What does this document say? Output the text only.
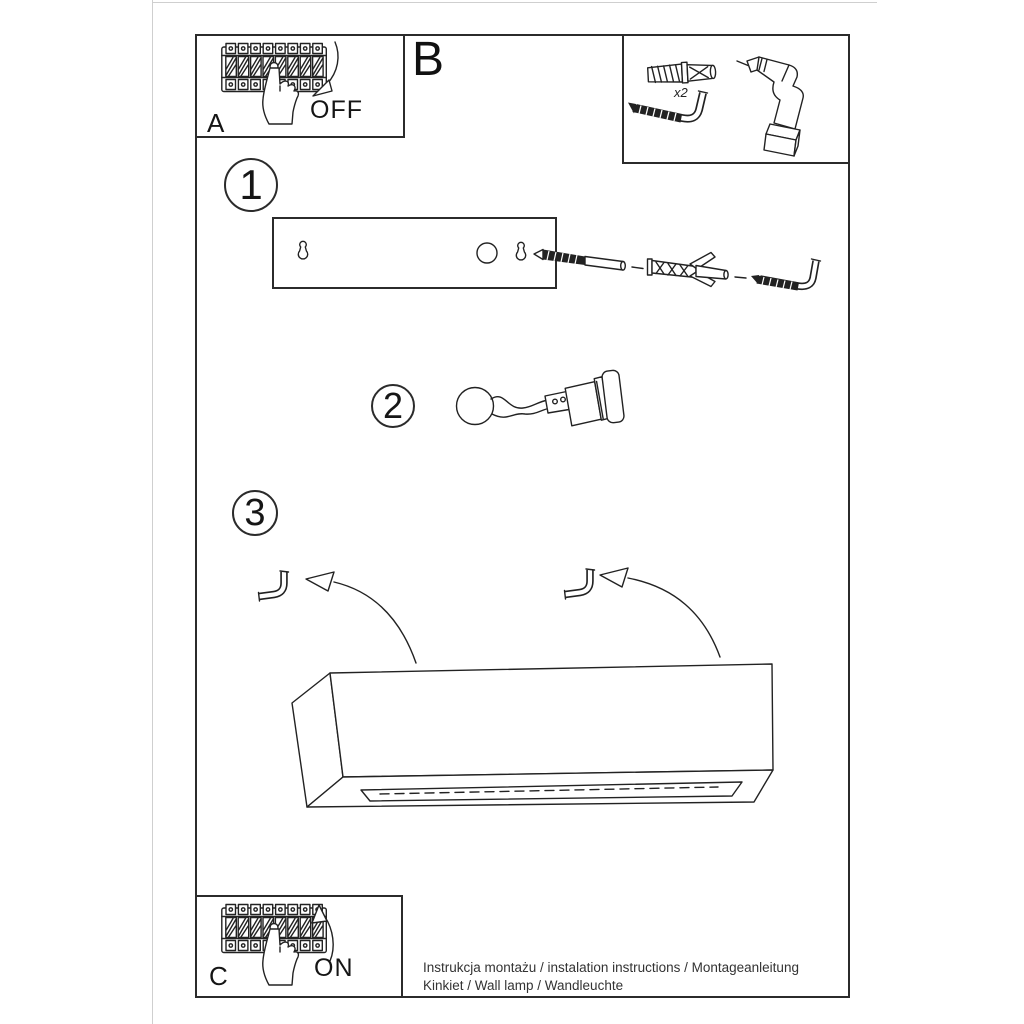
A	OFF
B
x2
1
2
3
C	ON	Instrukcja montażu / instalation instructions / Montageanleitung
Kinkiet / Wall lamp / Wandleuchte
